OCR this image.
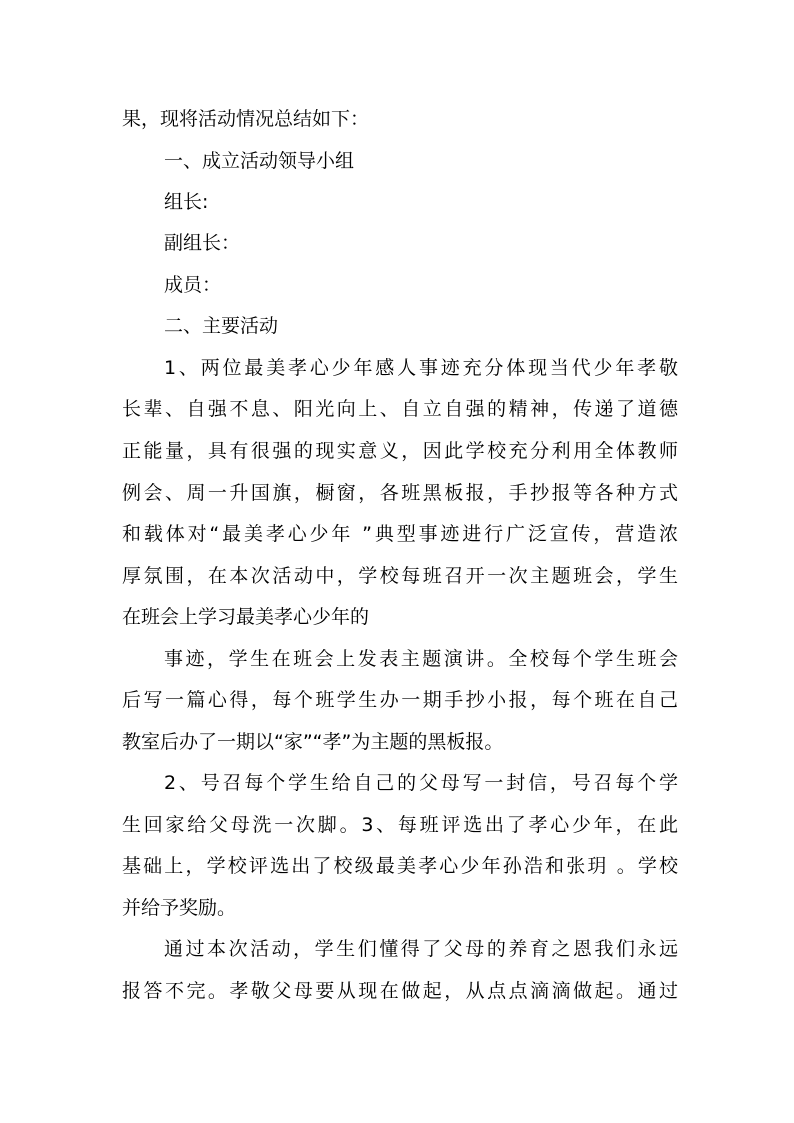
果，现将活动情况总结如下：
一、成立活动领导小组
组长:
副组长：
成员：
二、主要活动
1、两位最美孝心少年感人事迹充分体现当代少年孝敬
长辈、自强不息、阳光向上、自立自强的精神，传递了道德
正能量，具有很强的现实意义，因此学校充分利用全体教师
例会、周一升国旗，橱窗，各班黑板报，手抄报等各种方式
和载体对“最美孝心少年 ”典型事迹进行广泛宣传，营造浓
厚氛围，在本次活动中，学校每班召开一次主题班会，学生
在班会上学习最美孝心少年的
事迹，学生在班会上发表主题演讲。全校每个学生班会
后写一篇心得，每个班学生办一期手抄小报，每个班在自己
教室后办了一期以“家”“孝”为主题的黑板报。
2、号召每个学生给自己的父母写一封信，号召每个学
生回家给父母洗一次脚。3、每班评选出了孝心少年，在此
基础上，学校评选出了校级最美孝心少年孙浩和张玥 。学校
并给予奖励。
通过本次活动，学生们懂得了父母的养育之恩我们永远
报答不完。孝敬父母要从现在做起，从点点滴滴做起。通过
